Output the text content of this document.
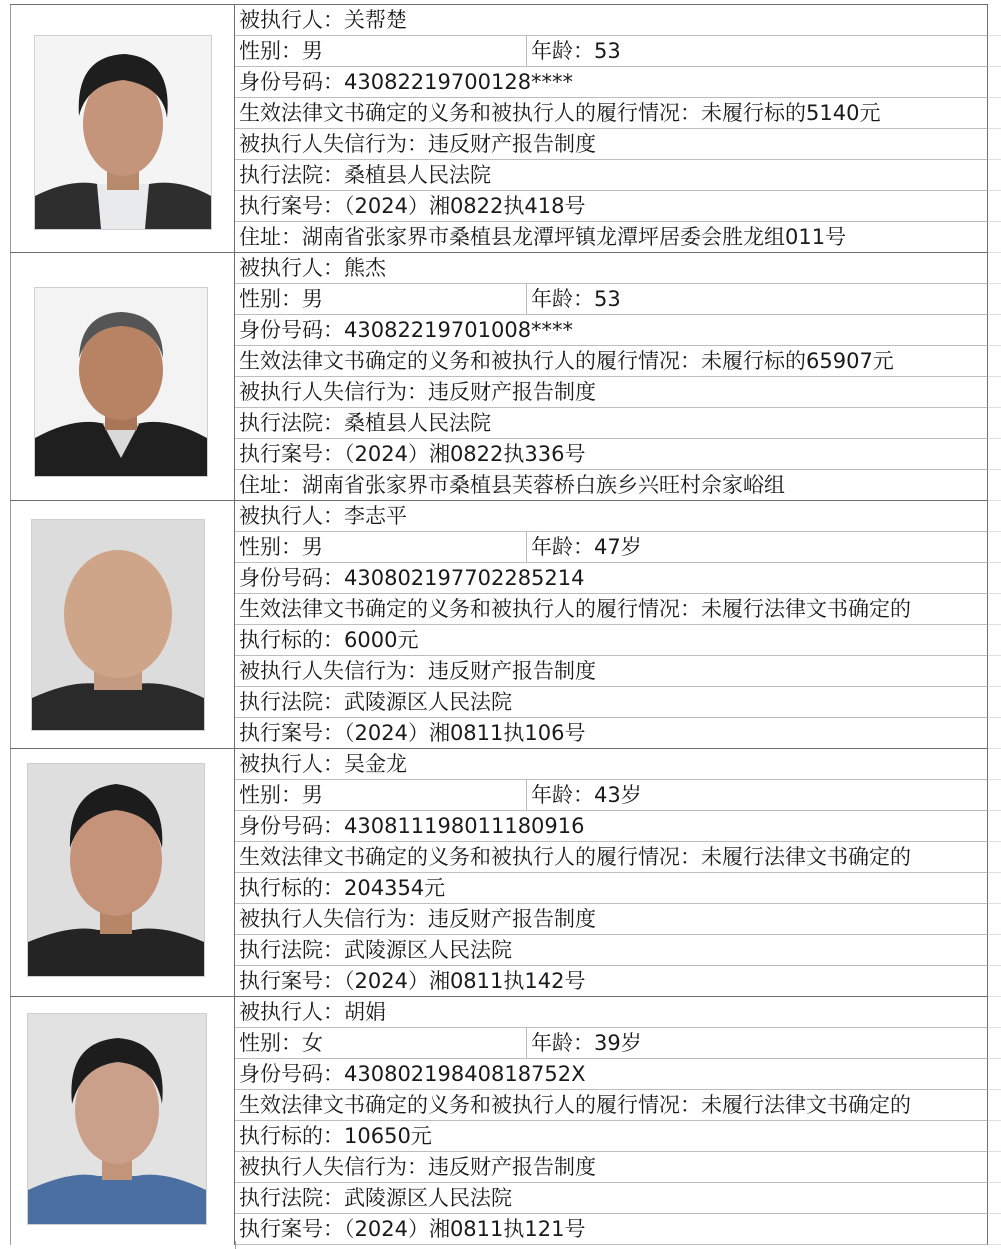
被执行人：关帮楚
性别：男	年龄：53
身份号码：43082219700128****
生效法律文书确定的义务和被执行人的履行情况：未履行标的5140元
被执行人失信行为：违反财产报告制度
执行法院：桑植县人民法院
执行案号：（2024）湘0822执418号
住址：湖南省张家界市桑植县龙潭坪镇龙潭坪居委会胜龙组011号
被执行人：熊杰
性别：男	年龄：53
身份号码：43082219701008****
生效法律文书确定的义务和被执行人的履行情况：未履行标的65907元
被执行人失信行为：违反财产报告制度
执行法院：桑植县人民法院
执行案号：（2024）湘0822执336号
住址：湖南省张家界市桑植县芙蓉桥白族乡兴旺村佘家峪组
被执行人：李志平
性别：男	年龄：47岁
身份号码：430802197702285214
生效法律文书确定的义务和被执行人的履行情况：未履行法律文书确定的
执行标的：6000元
被执行人失信行为：违反财产报告制度
执行法院：武陵源区人民法院
执行案号：（2024）湘0811执106号
被执行人：吴金龙
性别：男	年龄：43岁
身份号码：430811198011180916
生效法律文书确定的义务和被执行人的履行情况：未履行法律文书确定的
执行标的：204354元
被执行人失信行为：违反财产报告制度
执行法院：武陵源区人民法院
执行案号：（2024）湘0811执142号
被执行人：胡娟
性别：女	年龄：39岁
身份号码：43080219840818752X
生效法律文书确定的义务和被执行人的履行情况：未履行法律文书确定的
执行标的：10650元
被执行人失信行为：违反财产报告制度
执行法院：武陵源区人民法院
执行案号：（2024）湘0811执121号
